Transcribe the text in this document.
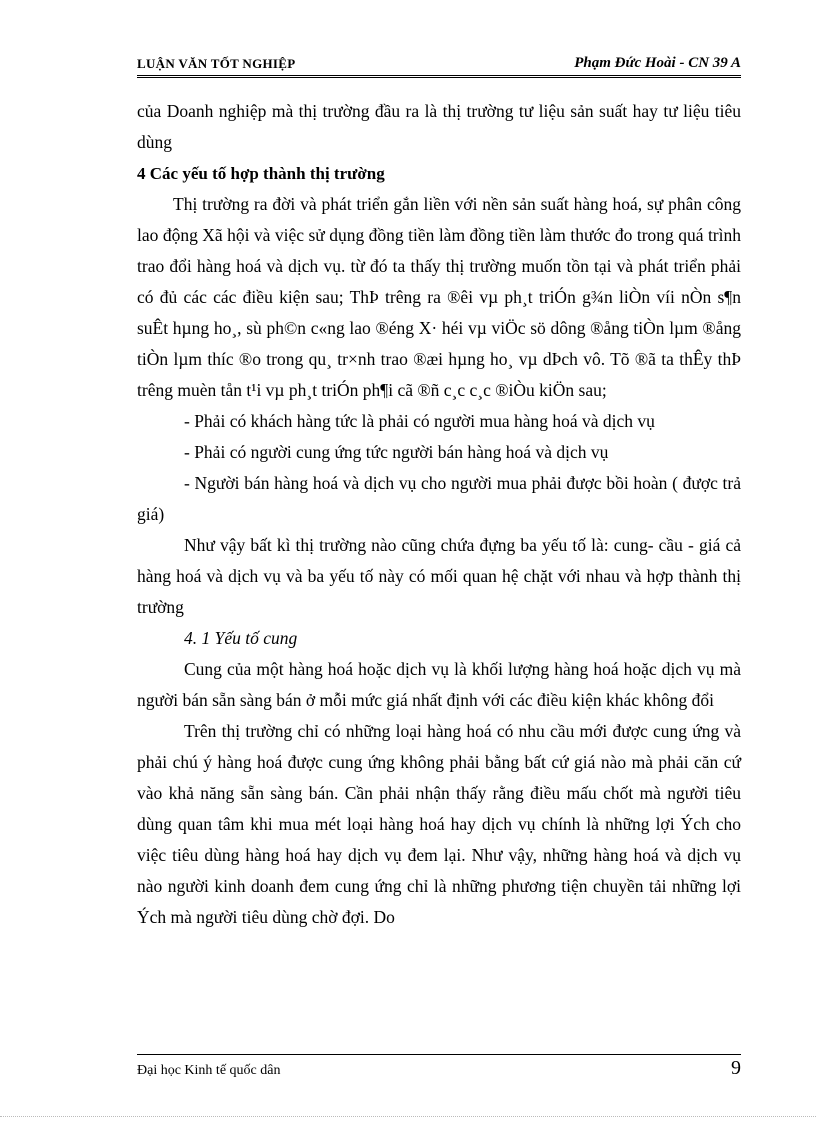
LUẬN VĂN TỐT NGHIỆP	Phạm Đức Hoài - CN 39 A

của Doanh nghiệp mà thị trường đầu ra là thị trường tư liệu sản suất hay tư liệu tiêu dùng

4 Các yếu tố hợp thành thị trường

Thị trường ra đời và phát triển gắn liền với nền sản suất hàng hoá, sự phân công lao động Xã hội và việc sử dụng đồng tiền làm đồng tiền làm thước đo trong quá trình trao đổi hàng hoá và dịch vụ. từ đó ta thấy thị trường muốn tồn tại và phát triển phải có đủ các các điều kiện sau; ThÞ trêng ra ®êi vµ ph¸t triÓn g¾n liÒn víi nÒn s¶n suÊt hµng ho¸, sù ph©n c«ng lao ®éng X· héi vµ viÖc sö dông ®ång tiÒn lµm ®ång tiÒn lµm thíc ®o trong qu¸ tr×nh trao ®æi hµng ho¸ vµ dÞch vô. Tõ ®ã ta thÊy thÞ trêng muèn tån t¹i vµ ph¸t triÓn ph¶i cã ®ñ c¸c c¸c ®iÒu kiÖn sau;

- Phải có khách hàng tức là phải có người mua hàng hoá và dịch vụ

- Phải có người cung ứng tức người bán hàng hoá và dịch vụ

- Người bán hàng hoá và dịch vụ cho người mua phải được bồi hoàn ( được trả giá)

Như vậy bất kì thị trường nào cũng chứa đựng ba yếu tố là: cung- cầu - giá cả hàng hoá và dịch vụ và ba yếu tố này có mối quan hệ chặt với nhau và hợp thành thị trường

4. 1 Yếu tố cung

Cung của một hàng hoá hoặc dịch vụ là khối lượng hàng hoá hoặc dịch vụ mà người bán sẵn sàng bán ở mỗi mức giá nhất định với các điều kiện khác không đổi

Trên thị trường chỉ có những loại hàng hoá có nhu cầu mới được cung ứng và phải chú ý hàng hoá được cung ứng không phải bằng bất cứ giá nào mà phải căn cứ vào khả năng sẵn sàng bán. Cần phải nhận thấy rằng điều mấu chốt mà người tiêu dùng quan tâm khi mua mét loại hàng hoá hay dịch vụ chính là những lợi Ých cho việc tiêu dùng hàng hoá hay dịch vụ đem lại. Như vậy, những hàng hoá và dịch vụ nào người kinh doanh đem cung ứng chỉ là những phương tiện chuyền tải những lợi Ých mà người tiêu dùng chờ đợi. Do

Đại học Kinh tế quốc dân	9
